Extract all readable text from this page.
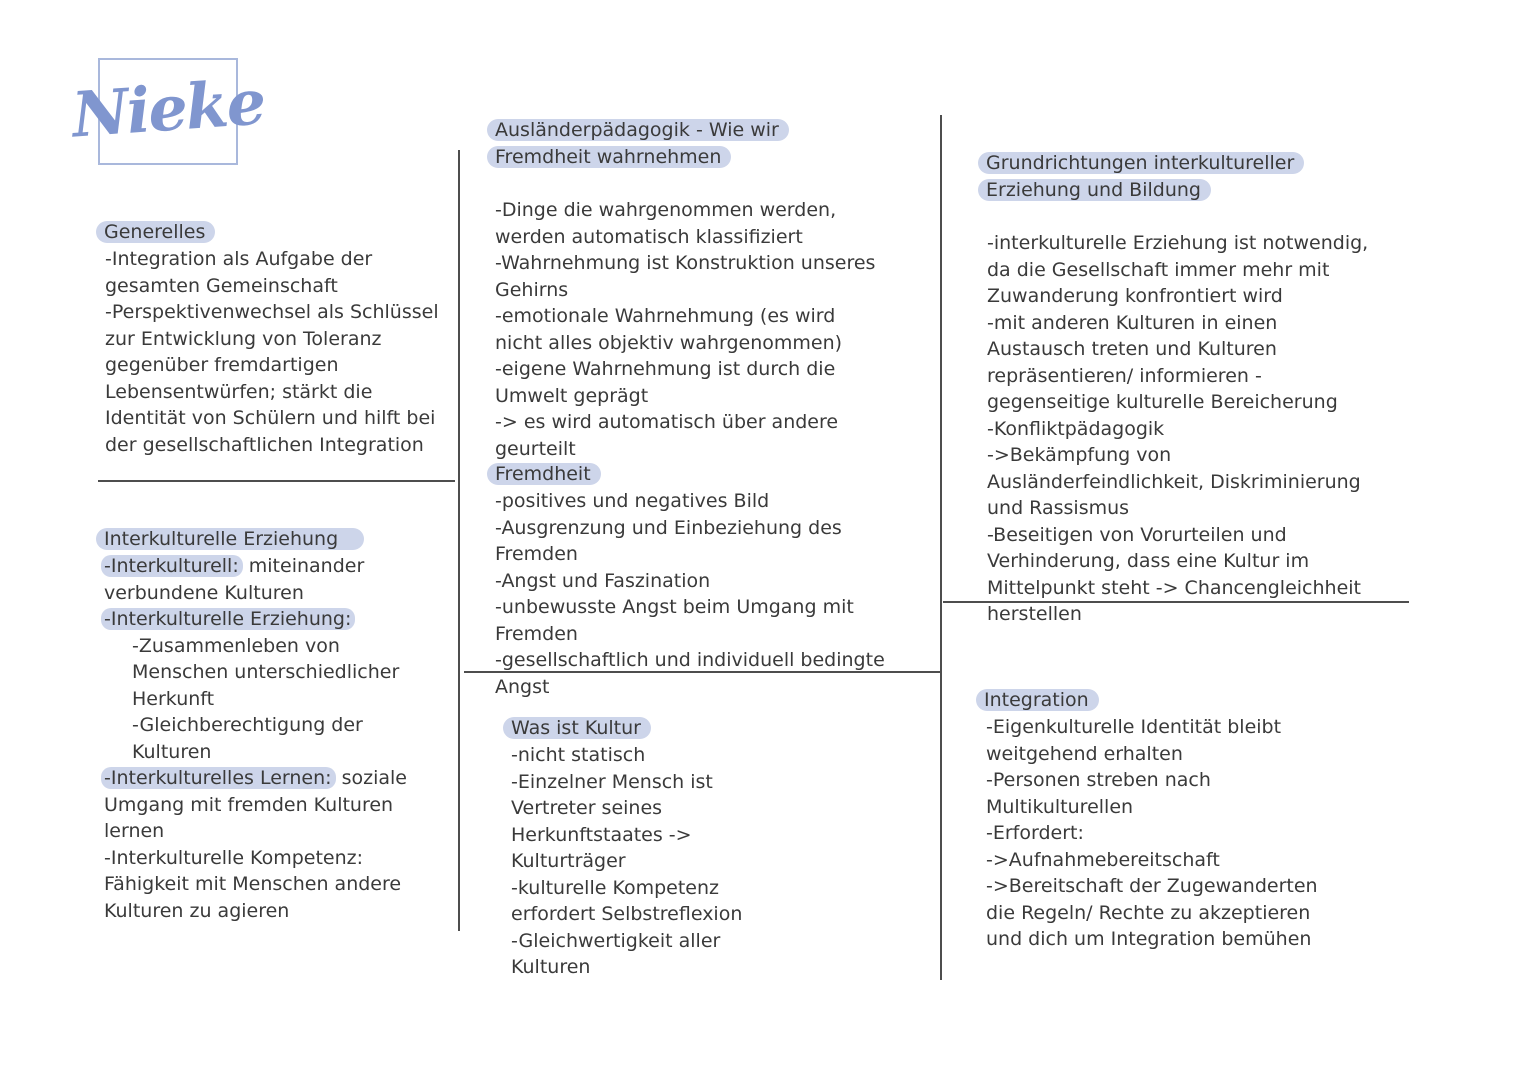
Nieke
Generelles
-Integration als Aufgabe der gesamten Gemeinschaft
-Perspektivenwechsel als Schlüssel zur Entwicklung von Toleranz gegenüber fremdartigen Lebensentwürfen; stärkt die Identität von Schülern und hilft bei der gesellschaftlichen Integration
Interkulturelle Erziehung
-Interkulturell: miteinander verbundene Kulturen
-Interkulturelle Erziehung:
-Zusammenleben von Menschen unterschiedlicher Herkunft
-Gleichberechtigung der Kulturen
-Interkulturelles Lernen: soziale Umgang mit fremden Kulturen lernen
-Interkulturelle Kompetenz: Fähigkeit mit Menschen andere Kulturen zu agieren
Ausländerpädagogik - Wie wir Fremdheit wahrnehmen
-Dinge die wahrgenommen werden, werden automatisch klassifiziert
-Wahrnehmung ist Konstruktion unseres Gehirns
-emotionale Wahrnehmung (es wird nicht alles objektiv wahrgenommen)
-eigene Wahrnehmung ist durch die Umwelt geprägt
-> es wird automatisch über andere geurteilt
Fremdheit
-positives und negatives Bild
-Ausgrenzung und Einbeziehung des Fremden
-Angst und Faszination
-unbewusste Angst beim Umgang mit Fremden
-gesellschaftlich und individuell bedingte Angst
Was ist Kultur
-nicht statisch
-Einzelner Mensch ist Vertreter seines Herkunftstaates -> Kulturträger
-kulturelle Kompetenz erfordert Selbstreflexion
-Gleichwertigkeit aller Kulturen
Grundrichtungen interkultureller Erziehung und Bildung
-interkulturelle Erziehung ist notwendig, da die Gesellschaft immer mehr mit Zuwanderung konfrontiert wird
-mit anderen Kulturen in einen Austausch treten und Kulturen repräsentieren/ informieren - gegenseitige kulturelle Bereicherung
-Konfliktpädagogik
->Bekämpfung von Ausländerfeindlichkeit, Diskriminierung und Rassismus
-Beseitigen von Vorurteilen und Verhinderung, dass eine Kultur im Mittelpunkt steht -> Chancengleichheit herstellen
Integration
-Eigenkulturelle Identität bleibt weitgehend erhalten
-Personen streben nach Multikulturellen
-Erfordert:
->Aufnahmebereitschaft
->Bereitschaft der Zugewanderten die Regeln/ Rechte zu akzeptieren und dich um Integration bemühen
